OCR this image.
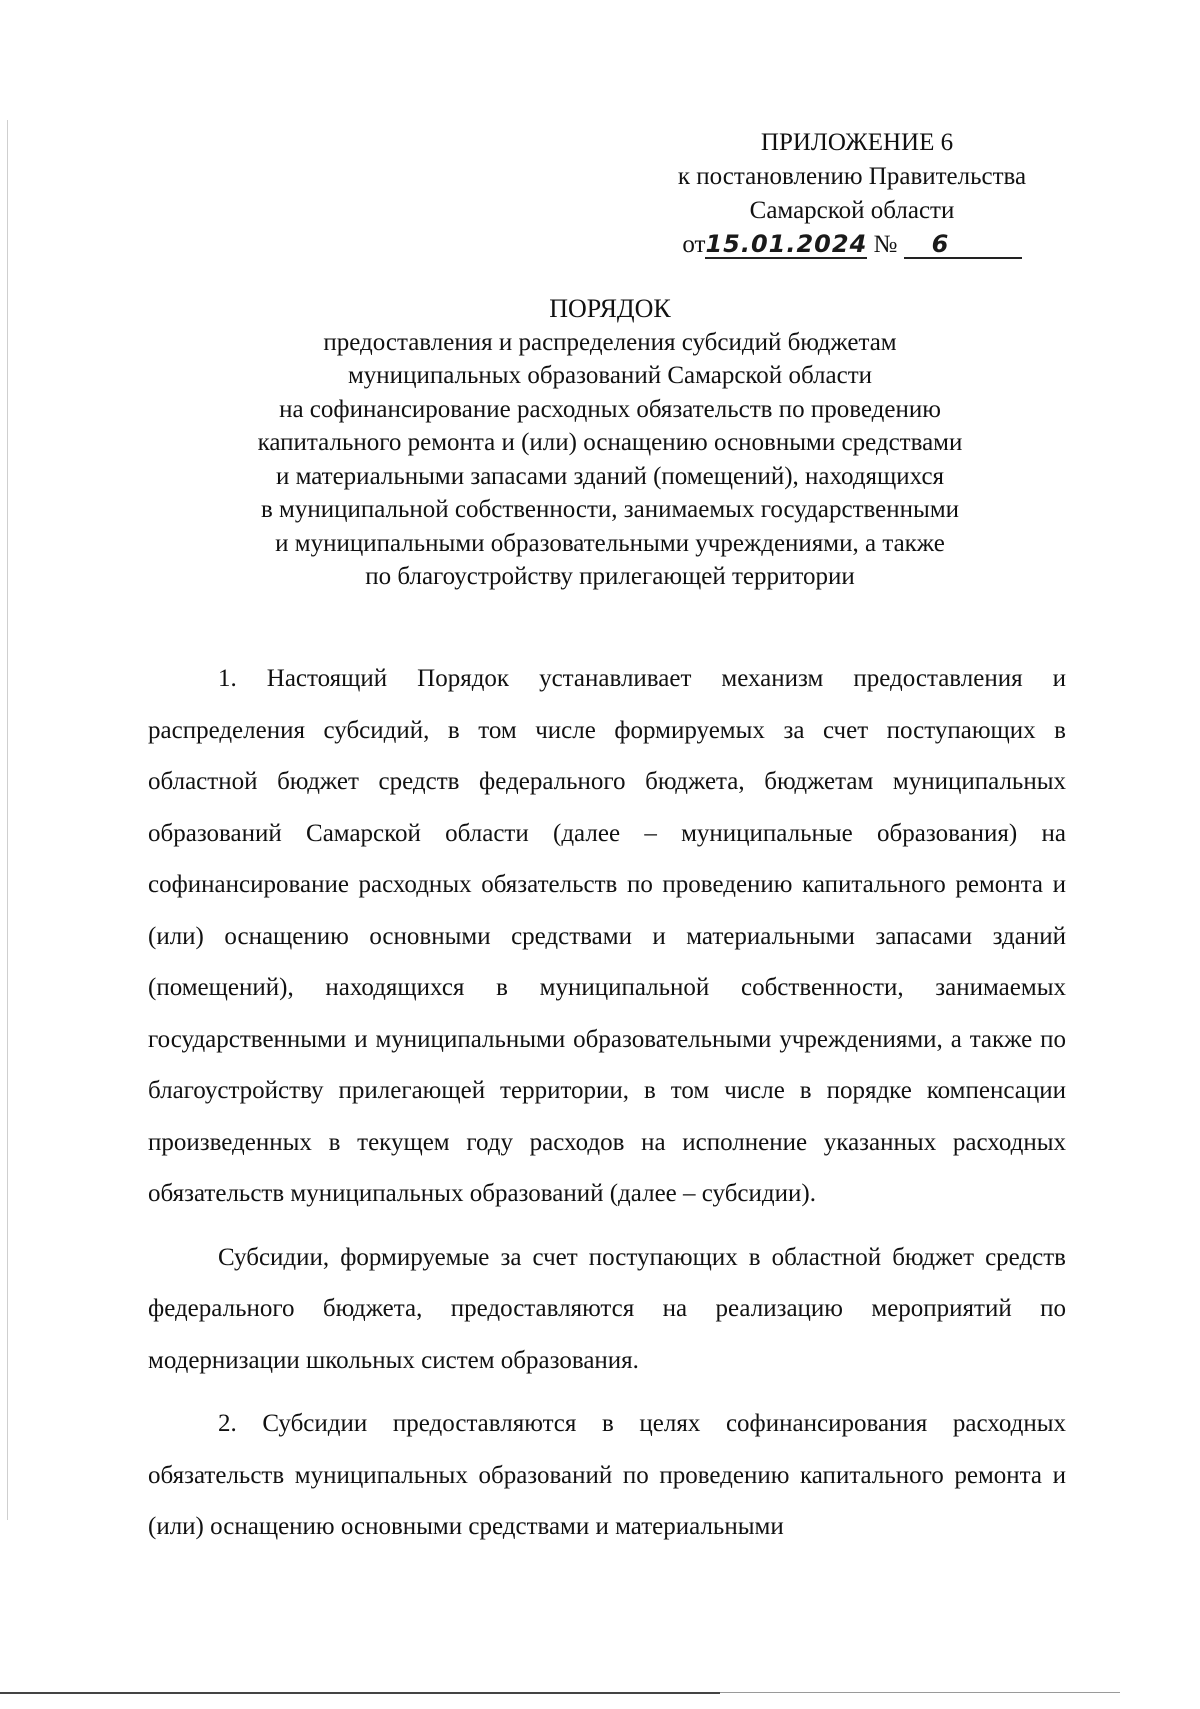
ПРИЛОЖЕНИЕ 6
к постановлению Правительства
Самарской области
от15.01.2024 № 6
ПОРЯДОК
предоставления и распределения субсидий бюджетам
муниципальных образований Самарской области
на софинансирование расходных обязательств по проведению
капитального ремонта и (или) оснащению основными средствами
и материальными запасами зданий (помещений), находящихся
в муниципальной собственности, занимаемых государственными
и муниципальными образовательными учреждениями, а также
по благоустройству прилегающей территории

1. Настоящий Порядок устанавливает механизм предоставления и распределения субсидий, в том числе формируемых за счет поступающих в областной бюджет средств федерального бюджета, бюджетам муниципальных образований Самарской области (далее – муниципальные образования) на софинансирование расходных обязательств по проведению капитального ремонта и (или) оснащению основными средствами и материальными запасами зданий (помещений), находящихся в муниципальной собственности, занимаемых государственными и муниципальными образовательными учреждениями, а также по благоустройству прилегающей территории, в том числе в порядке компенсации произведенных в текущем году расходов на исполнение указанных расходных обязательств муниципальных образований (далее – субсидии).

Субсидии, формируемые за счет поступающих в областной бюджет средств федерального бюджета, предоставляются на реализацию мероприятий по модернизации школьных систем образования.

2. Субсидии предоставляются в целях софинансирования расходных обязательств муниципальных образований по проведению капитального ремонта и (или) оснащению основными средствами и материальными
